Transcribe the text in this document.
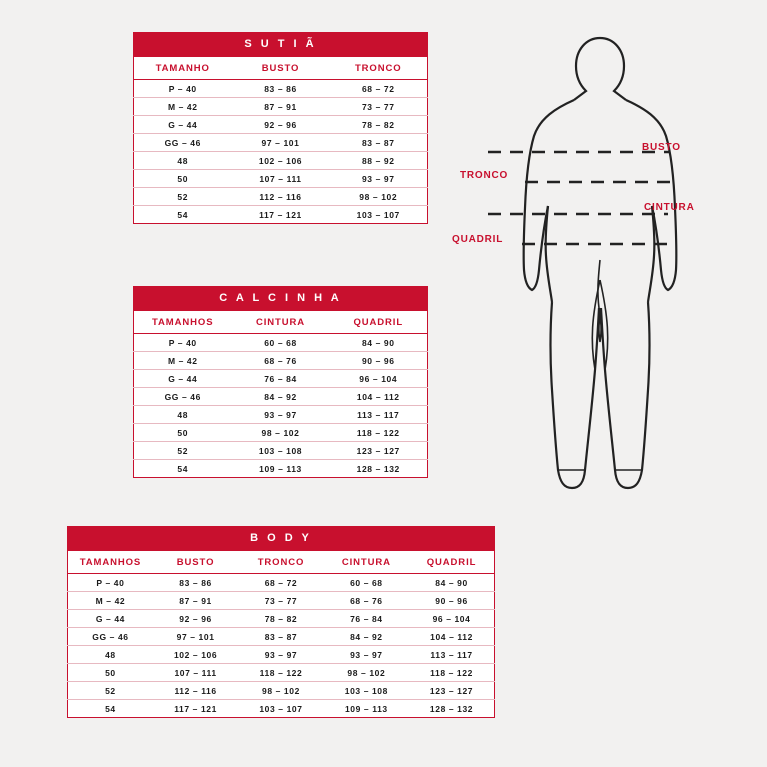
S U T I Ã
TAMANHO	BUSTO	TRONCO
P – 40	83 – 86	68 – 72
M – 42	87 – 91	73 – 77
G – 44	92 – 96	78 – 82
GG – 46	97 – 101	83 – 87
48	102 – 106	88 – 92
50	107 – 111	93 – 97
52	112 – 116	98 – 102
54	117 – 121	103 – 107
C A L C I N H A
TAMANHOS	CINTURA	QUADRIL
P – 40	60 – 68	84 – 90
M – 42	68 – 76	90 – 96
G – 44	76 – 84	96 – 104
GG – 46	84 – 92	104 – 112
48	93 – 97	113 – 117
50	98 – 102	118 – 122
52	103 – 108	123 – 127
54	109 – 113	128 – 132
B O D Y
TAMANHOS	BUSTO	TRONCO	CINTURA	QUADRIL
P – 40	83 – 86	68 – 72	60 – 68	84 – 90
M – 42	87 – 91	73 – 77	68 – 76	90 – 96
G – 44	92 – 96	78 – 82	76 – 84	96 – 104
GG – 46	97 – 101	83 – 87	84 – 92	104 – 112
48	102 – 106	93 – 97	93 – 97	113 – 117
50	107 – 111	118 – 122	98 – 102	118 – 122
52	112 – 116	98 – 102	103 – 108	123 – 127
54	117 – 121	103 – 107	109 – 113	128 – 132
BUSTO
TRONCO
CINTURA
QUADRIL
